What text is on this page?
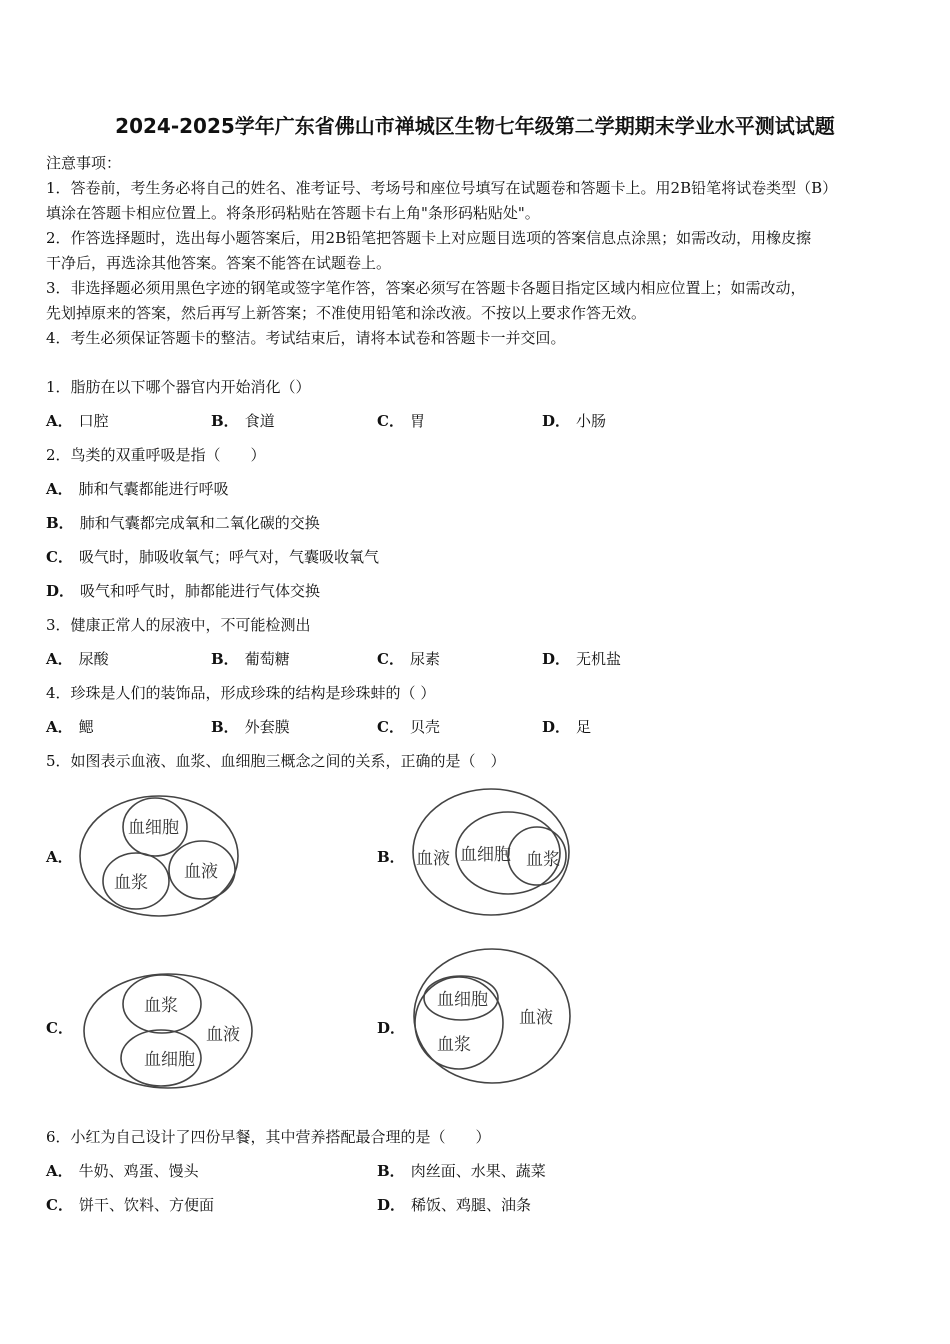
2024-2025学年广东省佛山市禅城区生物七年级第二学期期末学业水平测试试题
注意事项：
1．答卷前，考生务必将自己的姓名、准考证号、考场号和座位号填写在试题卷和答题卡上。用2B铅笔将试卷类型（B）
填涂在答题卡相应位置上。将条形码粘贴在答题卡右上角"条形码粘贴处"。
2．作答选择题时，选出每小题答案后，用2B铅笔把答题卡上对应题目选项的答案信息点涂黑；如需改动，用橡皮擦
干净后，再选涂其他答案。答案不能答在试题卷上。
3．非选择题必须用黑色字迹的钢笔或签字笔作答，答案必须写在答题卡各题目指定区域内相应位置上；如需改动，
先划掉原来的答案，然后再写上新答案；不准使用铅笔和涂改液。不按以上要求作答无效。
4．考生必须保证答题卡的整洁。考试结束后，请将本试卷和答题卡一并交回。
1．脂肪在以下哪个器官内开始消化（）
A． 口腔	B． 食道	C． 胃	D． 小肠
2．鸟类的双重呼吸是指（　　）
A． 肺和气囊都能进行呼吸
B． 肺和气囊都完成氧和二氧化碳的交换
C． 吸气时，肺吸收氧气；呼气对，气囊吸收氧气
D． 吸气和呼气时，肺都能进行气体交换
3．健康正常人的尿液中，不可能检测出
A． 尿酸	B． 葡萄糖	C． 尿素	D． 无机盐
4．珍珠是人们的装饰品，形成珍珠的结构是珍珠蚌的（ ）
A． 鳃	B． 外套膜	C． 贝壳	D． 足
5．如图表示血液、血浆、血细胞三概念之间的关系，正确的是（　）
A．
血细胞
血浆
血液
B． 血液 血细胞 血浆
C．
血浆
血细胞
血液	D．
血细胞
血浆
血液
6．小红为自己设计了四份早餐，其中营养搭配最合理的是（　　）
A． 牛奶、鸡蛋、馒头	B． 肉丝面、水果、蔬菜
C． 饼干、饮料、方便面	D． 稀饭、鸡腿、油条
